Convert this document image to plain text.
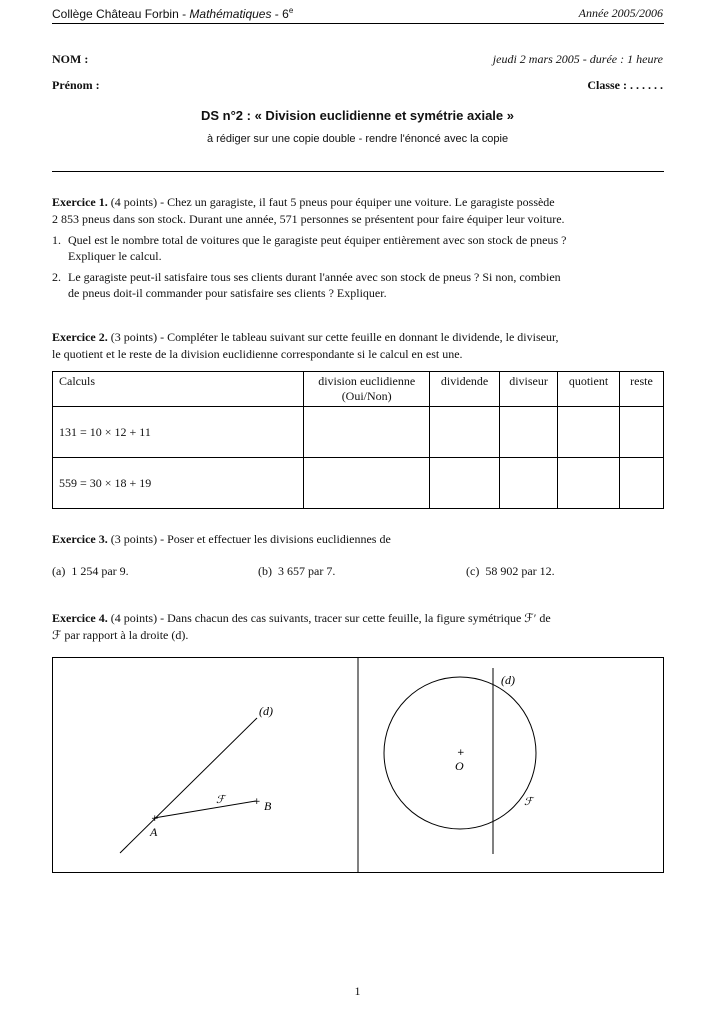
Collège Château Forbin - Mathématiques - 6e	Année 2005/2006
NOM :	jeudi 2 mars 2005 - durée : 1 heure
Prénom :	Classe : . . . . . .
DS n°2 : « Division euclidienne et symétrie axiale »
à rédiger sur une copie double - rendre l'énoncé avec la copie
Exercice 1. (4 points) - Chez un garagiste, il faut 5 pneus pour équiper une voiture. Le garagiste possède
2 853 pneus dans son stock. Durant une année, 571 personnes se présentent pour faire équiper leur voiture.
1. Quel est le nombre total de voitures que le garagiste peut équiper entièrement avec son stock de pneus ?
Expliquer le calcul.
2. Le garagiste peut-il satisfaire tous ses clients durant l'année avec son stock de pneus ? Si non, combien
de pneus doit-il commander pour satisfaire ses clients ? Expliquer.
Exercice 2. (3 points) - Compléter le tableau suivant sur cette feuille en donnant le dividende, le diviseur,
le quotient et le reste de la division euclidienne correspondante si le calcul en est une.
Calculs	division euclidienne
(Oui/Non)	dividende	diviseur	quotient	reste
131 = 10 × 12 + 11					
559 = 30 × 18 + 19					
Exercice 3. (3 points) - Poser et effectuer les divisions euclidiennes de
(a) 1 254 par 9.	(b) 3 657 par 7.	(c) 58 902 par 12.
Exercice 4. (4 points) - Dans chacun des cas suivants, tracer sur cette feuille, la figure symétrique ℱ′ de
ℱ par rapport à la droite (d).
+
+
(d)
ℱ
A
B
+
(d)
O
ℱ
1
